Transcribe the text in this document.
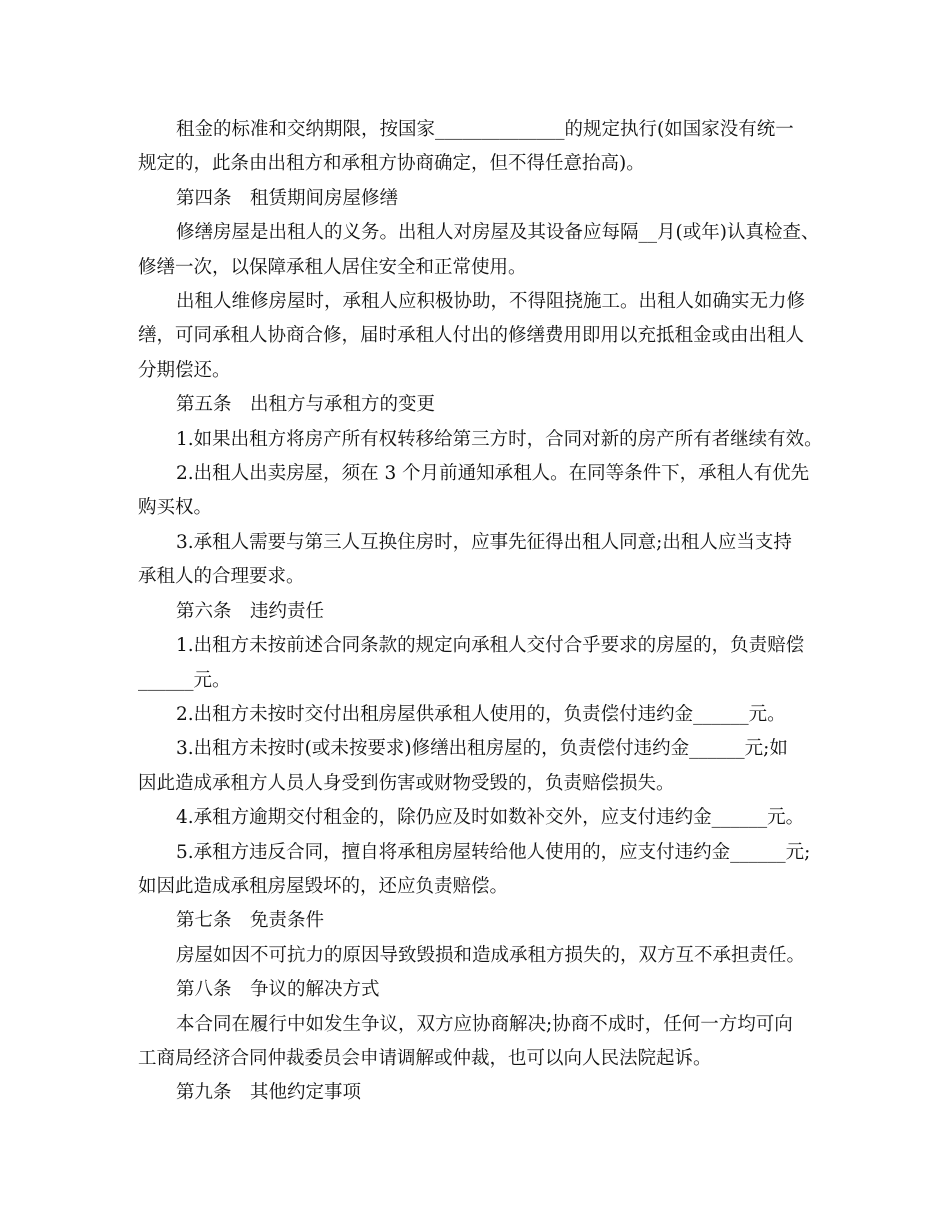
租金的标准和交纳期限，按国家______________的规定执行(如国家没有统一
规定的，此条由出租方和承租方协商确定，但不得任意抬高)。
第四条　租赁期间房屋修缮
修缮房屋是出租人的义务。出租人对房屋及其设备应每隔__月(或年)认真检查、
修缮一次，以保障承租人居住安全和正常使用。
出租人维修房屋时，承租人应积极协助，不得阻挠施工。出租人如确实无力修
缮，可同承租人协商合修，届时承租人付出的修缮费用即用以充抵租金或由出租人
分期偿还。
第五条　出租方与承租方的变更
1.如果出租方将房产所有权转移给第三方时，合同对新的房产所有者继续有效。
2.出租人出卖房屋，须在 3 个月前通知承租人。在同等条件下，承租人有优先
购买权。
3.承租人需要与第三人互换住房时，应事先征得出租人同意;出租人应当支持
承租人的合理要求。
第六条　违约责任
1.出租方未按前述合同条款的规定向承租人交付合乎要求的房屋的，负责赔偿
______元。
2.出租方未按时交付出租房屋供承租人使用的，负责偿付违约金______元。
3.出租方未按时(或未按要求)修缮出租房屋的，负责偿付违约金______元;如
因此造成承租方人员人身受到伤害或财物受毁的，负责赔偿损失。
4.承租方逾期交付租金的，除仍应及时如数补交外，应支付违约金______元。
5.承租方违反合同，擅自将承租房屋转给他人使用的，应支付违约金______元;
如因此造成承租房屋毁坏的，还应负责赔偿。
第七条　免责条件
房屋如因不可抗力的原因导致毁损和造成承租方损失的，双方互不承担责任。
第八条　争议的解决方式
本合同在履行中如发生争议，双方应协商解决;协商不成时，任何一方均可向
工商局经济合同仲裁委员会申请调解或仲裁，也可以向人民法院起诉。
第九条　其他约定事项
